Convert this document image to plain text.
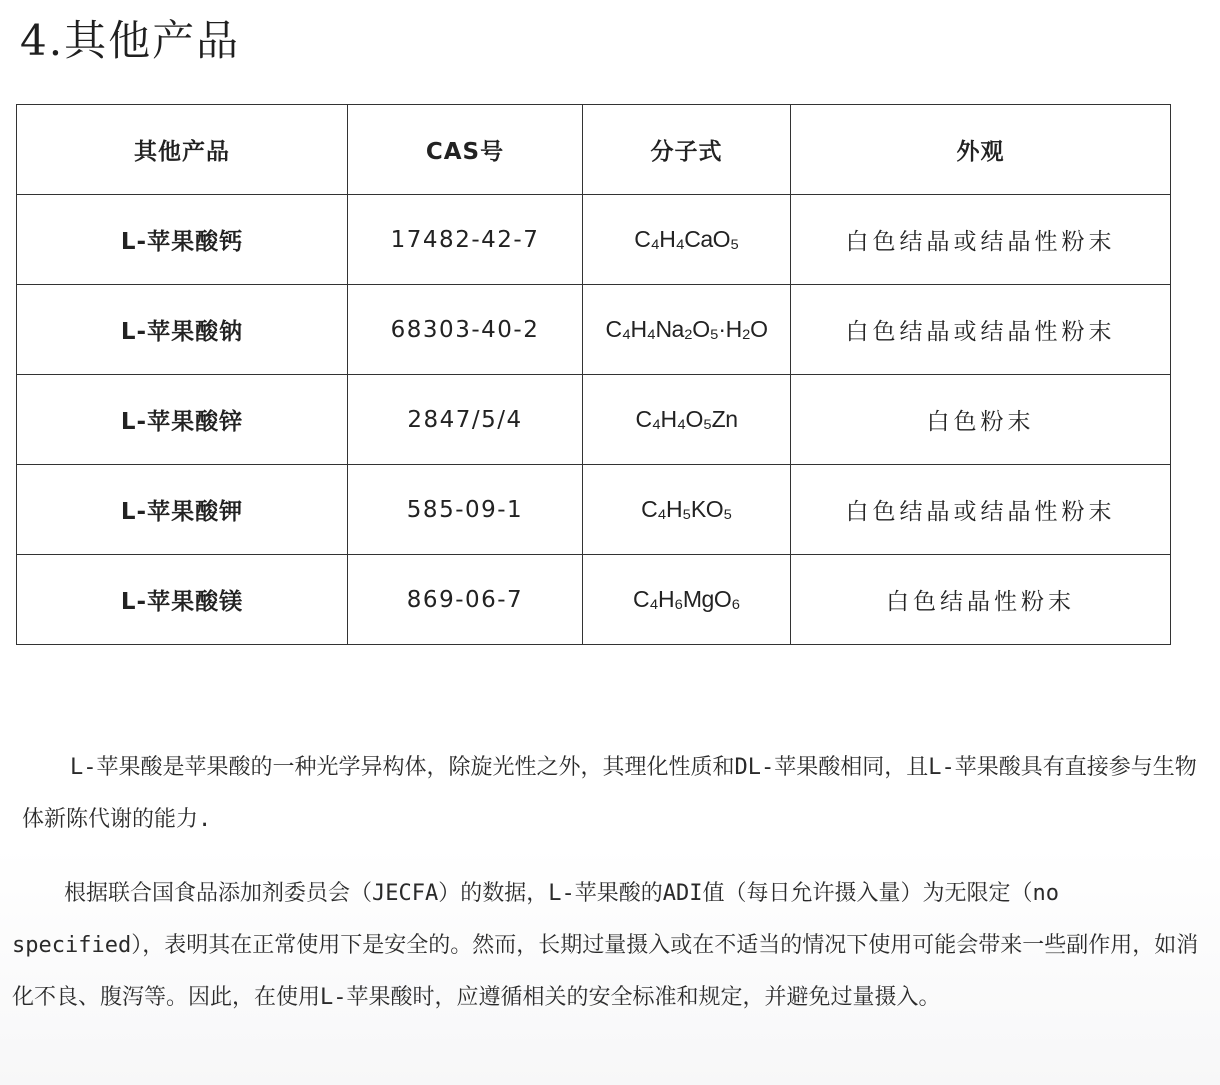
4.其他产品
其他产品	CAS号	分子式	外观
L-苹果酸钙	17482-42-7	C₄H₄CaO₅	白色结晶或结晶性粉末
L-苹果酸钠	68303-40-2	C₄H₄Na₂O₅·H₂O	白色结晶或结晶性粉末
L-苹果酸锌	2847/5/4	C₄H₄O₅Zn	白色粉末
L-苹果酸钾	585-09-1	C₄H₅KO₅	白色结晶或结晶性粉末
L-苹果酸镁	869-06-7	C₄H₆MgO₆	白色结晶性粉末

L-苹果酸是苹果酸的一种光学异构体，除旋光性之外，其理化性质和DL-苹果酸相同，且L-苹果酸具有直接参与生物体新陈代谢的能力.

根据联合国食品添加剂委员会（JECFA）的数据，L-苹果酸的ADI值（每日允许摄入量）为无限定（no specified），表明其在正常使用下是安全的。然而，长期过量摄入或在不适当的情况下使用可能会带来一些副作用，如消化不良、腹泻等。因此，在使用L-苹果酸时，应遵循相关的安全标准和规定，并避免过量摄入。
